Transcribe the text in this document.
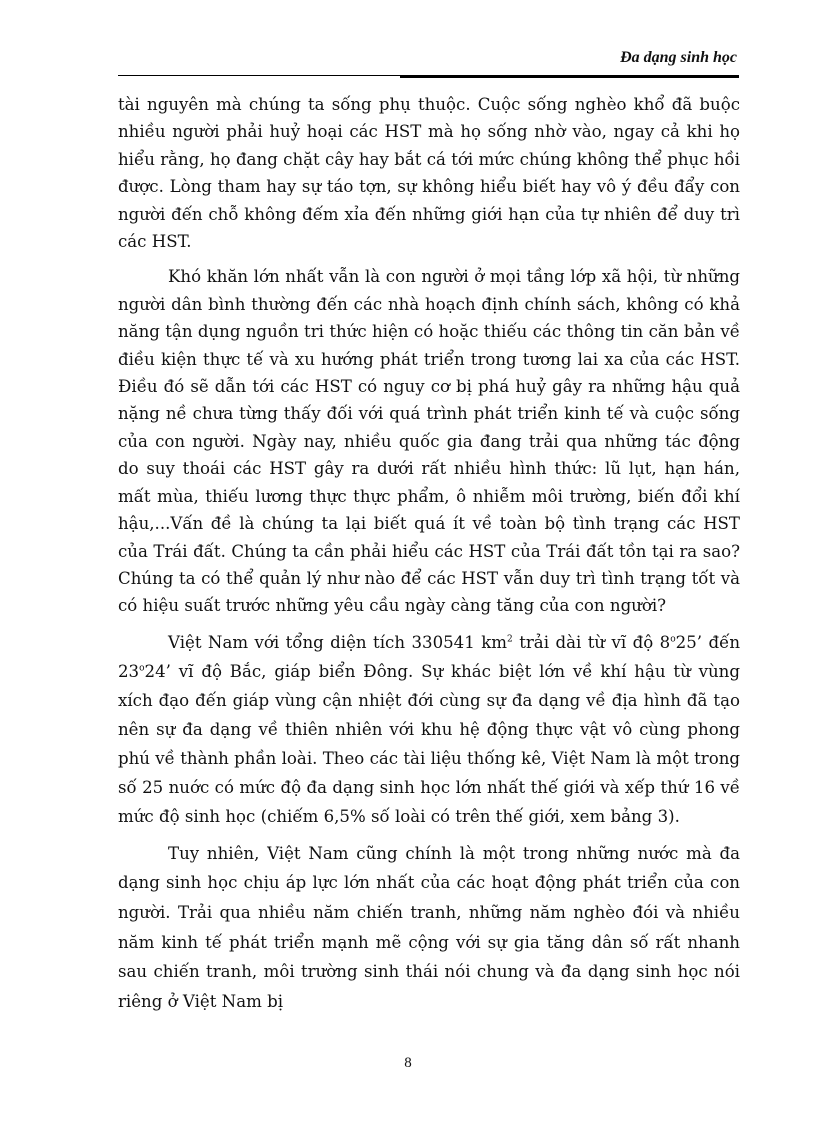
Đa dạng sinh học

tài nguyên mà chúng ta sống phụ thuộc. Cuộc sống nghèo khổ đã buộc nhiều người phải huỷ hoại các HST mà họ sống nhờ vào, ngay cả khi họ hiểu rằng, họ đang chặt cây hay bắt cá tới mức chúng không thể phục hồi được. Lòng tham hay sự táo tợn, sự không hiểu biết hay vô ý đều đẩy con người đến chỗ không đếm xỉa đến những giới hạn của tự nhiên để duy trì các HST.

Khó khăn lớn nhất vẫn là con người ở mọi tầng lớp xã hội, từ những người dân bình thường đến các nhà hoạch định chính sách, không có khả năng tận dụng nguồn tri thức hiện có hoặc thiếu các thông tin căn bản về điều kiện thực tế và xu hướng phát triển trong tương lai xa của các HST. Điều đó sẽ dẫn tới các HST có nguy cơ bị phá huỷ gây ra những hậu quả nặng nề chưa từng thấy đối với quá trình phát triển kinh tế và cuộc sống của con người. Ngày nay, nhiều quốc gia đang trải qua những tác động do suy thoái các HST gây ra dưới rất nhiều hình thức: lũ lụt, hạn hán, mất mùa, thiếu lương thực thực phẩm, ô nhiễm môi trường, biến đổi khí hậu,...Vấn đề là chúng ta lại biết quá ít về toàn bộ tình trạng các HST của Trái đất. Chúng ta cần phải hiểu các HST của Trái đất tồn tại ra sao? Chúng ta có thể quản lý như nào để các HST vẫn duy trì tình trạng tốt và có hiệu suất trước những yêu cầu ngày càng tăng của con người?

Việt Nam với tổng diện tích 330541 $km^2$ trải dài từ vĩ độ 8$^o$25’ đến 23$^o$24’ vĩ độ Bắc, giáp biển Đông. Sự khác biệt lớn về khí hậu từ vùng xích đạo đến giáp vùng cận nhiệt đới cùng sự đa dạng về địa hình đã tạo nên sự đa dạng về thiên nhiên với khu hệ động thực vật vô cùng phong phú về thành phần loài. Theo các tài liệu thống kê, Việt Nam là một trong số 25 nuớc có mức độ đa dạng sinh học lớn nhất thế giới và xếp thứ 16 về mức độ sinh học (chiếm 6,5% số loài có trên thế giới, xem bảng 3).

Tuy nhiên, Việt Nam cũng chính là một trong những nước mà đa dạng sinh học chịu áp lực lớn nhất của các hoạt động phát triển của con người. Trải qua nhiều năm chiến tranh, những năm nghèo đói và nhiều năm kinh tế phát triển mạnh mẽ cộng với sự gia tăng dân số rất nhanh sau chiến tranh, môi trường sinh thái nói chung và đa dạng sinh học nói riêng ở Việt Nam bị

8
